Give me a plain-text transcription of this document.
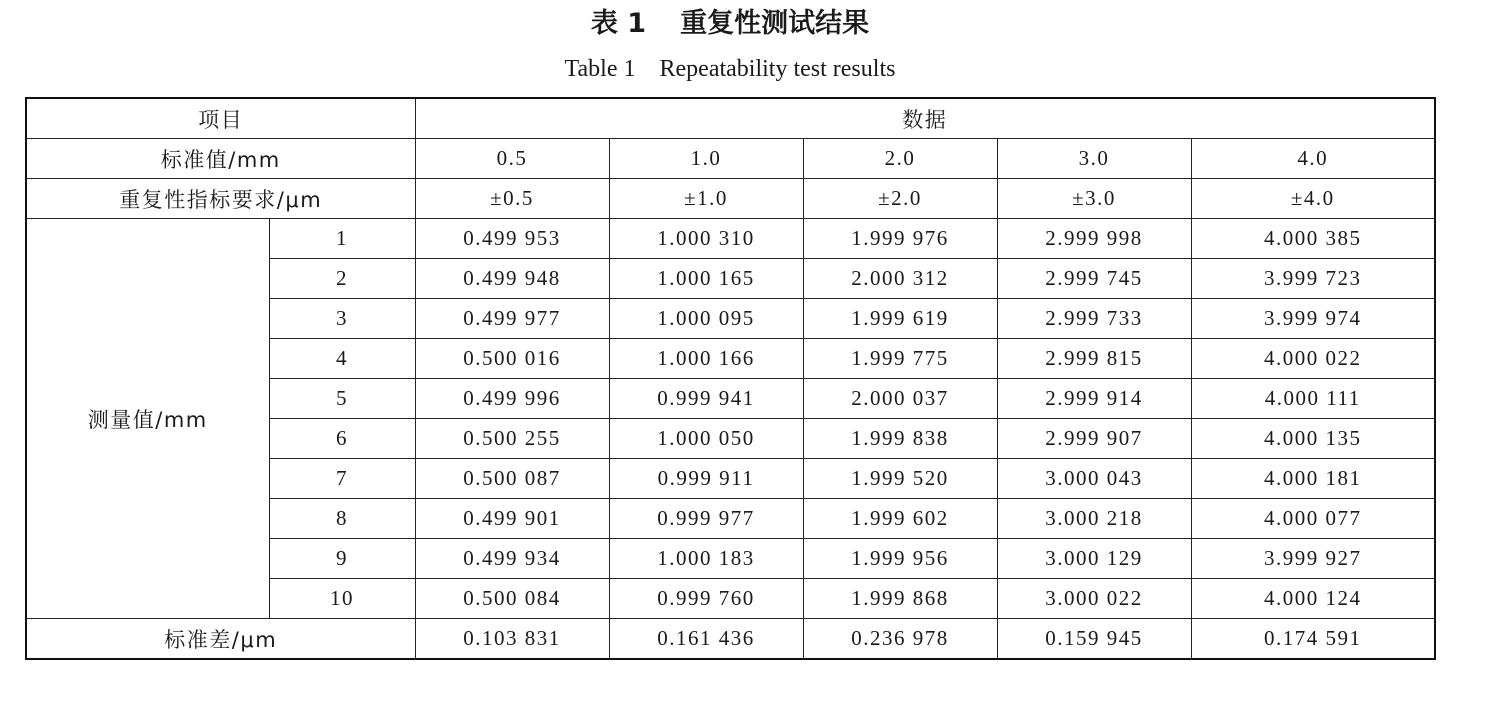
表 1 重复性测试结果
Table 1 Repeatability test results
项目		数据				
标准值/mm		0.5	1.0	2.0	3.0	4.0
重复性指标要求/μm		±0.5	±1.0	±2.0	±3.0	±4.0
测量值/mm	1	0.499 953	1.000 310	1.999 976	2.999 998	4.000 385
	2	0.499 948	1.000 165	2.000 312	2.999 745	3.999 723
	3	0.499 977	1.000 095	1.999 619	2.999 733	3.999 974
	4	0.500 016	1.000 166	1.999 775	2.999 815	4.000 022
	5	0.499 996	0.999 941	2.000 037	2.999 914	4.000 111
	6	0.500 255	1.000 050	1.999 838	2.999 907	4.000 135
	7	0.500 087	0.999 911	1.999 520	3.000 043	4.000 181
	8	0.499 901	0.999 977	1.999 602	3.000 218	4.000 077
	9	0.499 934	1.000 183	1.999 956	3.000 129	3.999 927
	10	0.500 084	0.999 760	1.999 868	3.000 022	4.000 124
标准差/μm		0.103 831	0.161 436	0.236 978	0.159 945	0.174 591
